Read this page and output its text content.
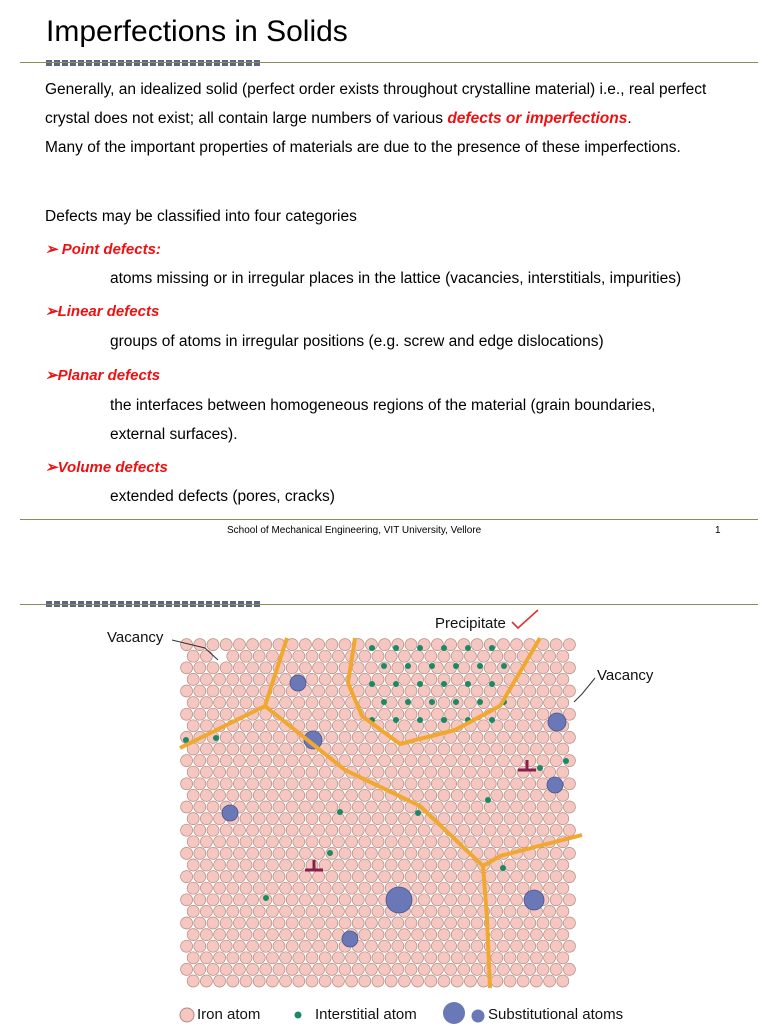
Imperfections in Solids
Generally, an idealized solid (perfect order exists throughout crystalline material) i.e., real perfect crystal does not exist; all contain large numbers of various defects or imperfections.
Many of the important properties of materials are due to the presence of these imperfections.
Defects may be classified into four categories
➢ Point defects:
atoms missing or in irregular places in the lattice (vacancies, interstitials, impurities)
➢Linear defects
groups of atoms in irregular positions (e.g. screw and edge dislocations)
➢Planar defects
the interfaces between homogeneous regions of the material (grain boundaries, external surfaces).
➢Volume defects
extended defects (pores, cracks)
School of Mechanical Engineering, VIT University, Vellore	1
Vacancy
Precipitate
Vacancy
Iron atom	Interstitial atom	Substitutional atoms
